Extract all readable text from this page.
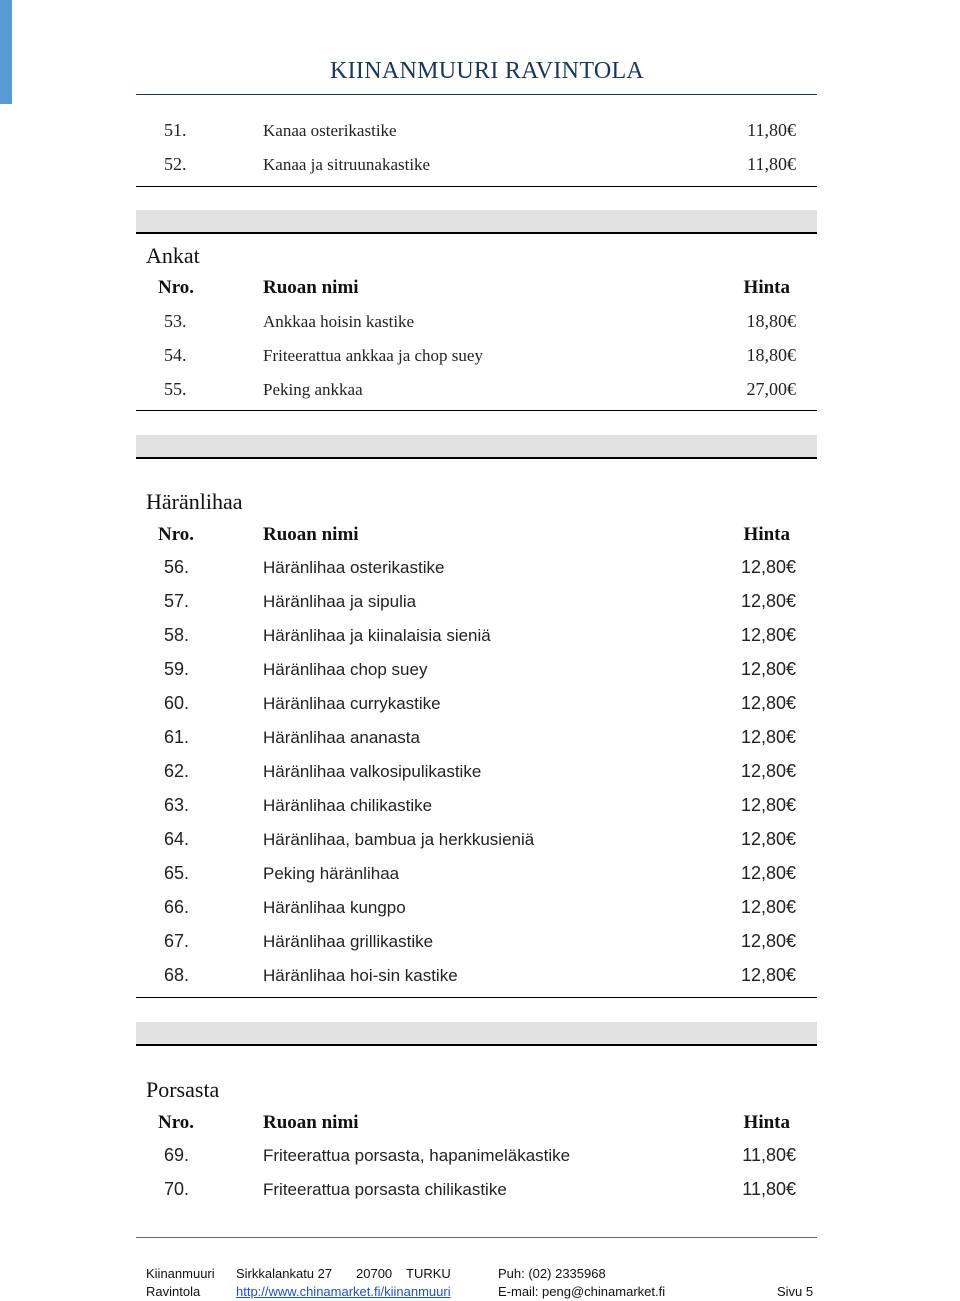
KIINANMUURI RAVINTOLA
51.	Kanaa osterikastike	11,80€
52.	Kanaa ja sitruunakastike	11,80€
Ankat
Nro.	Ruoan nimi	Hinta
53.	Ankkaa hoisin kastike	18,80€
54.	Friteerattua ankkaa ja chop suey	18,80€
55.	Peking ankkaa	27,00€
Häränlihaa
Nro.	Ruoan nimi	Hinta
56.	Häränlihaa osterikastike	12,80€
57.	Häränlihaa ja sipulia	12,80€
58.	Häränlihaa ja kiinalaisia sieniä	12,80€
59.	Häränlihaa chop suey	12,80€
60.	Häränlihaa currykastike	12,80€
61.	Häränlihaa ananasta	12,80€
62.	Häränlihaa valkosipulikastike	12,80€
63.	Häränlihaa chilikastike	12,80€
64.	Häränlihaa, bambua ja herkkusieniä	12,80€
65.	Peking häränlihaa	12,80€
66.	Häränlihaa kungpo	12,80€
67.	Häränlihaa grillikastike	12,80€
68.	Häränlihaa hoi-sin kastike	12,80€
Porsasta
Nro.	Ruoan nimi	Hinta
69.	Friteerattua porsasta, hapanimeläkastike	11,80€
70.	Friteerattua porsasta chilikastike	11,80€
Kiinanmuuri Sirkkalankatu 27 20700 TURKU	Puh: (02) 2335968
Ravintola	http://www.chinamarket.fi/kiinanmuuri	E-mail: peng@chinamarket.fi	Sivu 5
